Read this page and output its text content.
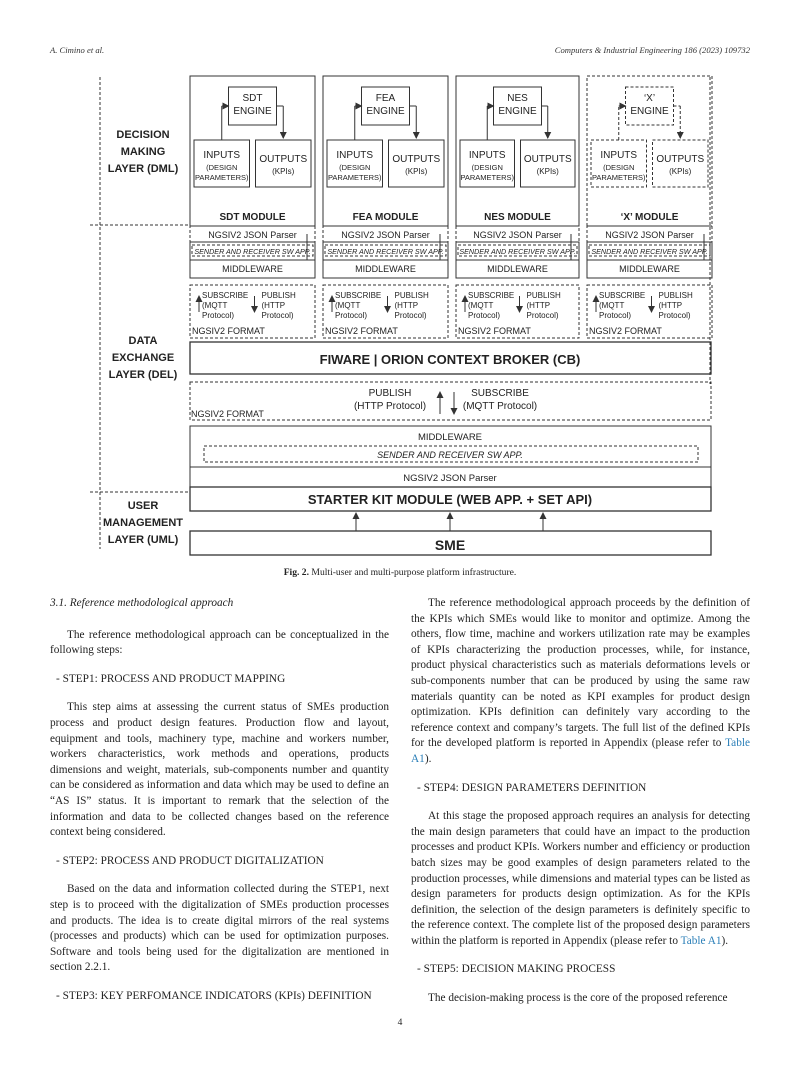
A. Cimino et al.	Computers & Industrial Engineering 186 (2023) 109732
DECISION
MAKING
LAYER (DML)
DATA
EXCHANGE
LAYER (DEL)
USER
MANAGEMENT
LAYER (UML)
SDT
ENGINE
INPUTS
(DESIGN
PARAMETERS)
OUTPUTS
(KPIs)
SDT MODULE
NGSIV2 JSON Parser
SENDER AND RECEIVER SW APP.
MIDDLEWARE
SUBSCRIBE
(MQTT
Protocol)
PUBLISH
(HTTP
Protocol)
NGSIV2 FORMAT
FEA
ENGINE
INPUTS
(DESIGN
PARAMETERS)
OUTPUTS
(KPIs)
FEA MODULE
NGSIV2 JSON Parser
SENDER AND RECEIVER SW APP.
MIDDLEWARE
SUBSCRIBE
(MQTT
Protocol)
PUBLISH
(HTTP
Protocol)
NGSIV2 FORMAT
NES
ENGINE
INPUTS
(DESIGN
PARAMETERS)
OUTPUTS
(KPIs)
NES MODULE
NGSIV2 JSON Parser
SENDER AND RECEIVER SW APP.
MIDDLEWARE
SUBSCRIBE
(MQTT
Protocol)
PUBLISH
(HTTP
Protocol)
NGSIV2 FORMAT
‘X’
ENGINE
INPUTS
(DESIGN
PARAMETERS)
OUTPUTS
(KPIs)
‘X’ MODULE
NGSIV2 JSON Parser
SENDER AND RECEIVER SW APP.
MIDDLEWARE
SUBSCRIBE
(MQTT
Protocol)
PUBLISH
(HTTP
Protocol)
NGSIV2 FORMAT
FIWARE | ORION CONTEXT BROKER (CB)
PUBLISH
(HTTP Protocol)
SUBSCRIBE
(MQTT Protocol)
NGSIV2 FORMAT
MIDDLEWARE
SENDER AND RECEIVER SW APP.
NGSIV2 JSON Parser
STARTER KIT MODULE (WEB APP. + SET API)
SME
Fig. 2. Multi-user and multi-purpose platform infrastructure.

3.1. Reference methodological approach

The reference methodological approach can be conceptualized in the following steps:

- STEP1: PROCESS AND PRODUCT MAPPING

This step aims at assessing the current status of SMEs production process and product design features. Production flow and layout, equipment and tools, machinery type, machine and workers number, workers characteristics, work methods and operations, products dimensions and weight, materials, sub-components number and quantity can be considered as information and data which may be used to define an “AS IS” status. It is important to remark that the selection of the information and data to be collected changes based on the reference context being considered.

- STEP2: PROCESS AND PRODUCT DIGITALIZATION

Based on the data and information collected during the STEP1, next step is to proceed with the digitalization of SMEs production processes and products. The idea is to create digital mirrors of the real systems (processes and products) which can be used for optimization purposes. Software and tools being used for the digitalization are mentioned in section 2.2.1.

- STEP3: KEY PERFOMANCE INDICATORS (KPIs) DEFINITION

The reference methodological approach proceeds by the definition of the KPIs which SMEs would like to monitor and optimize. Among the others, flow time, machine and workers utilization rate may be examples of KPIs characterizing the production processes, while, for instance, product physical characteristics such as materials deformations levels or sub-components number that can be produced by using the same raw materials quantity can be noted as KPI examples for product design optimization. KPIs definition can definitely vary according to the reference context and company’s targets. The full list of the defined KPIs for the developed platform is reported in Appendix (please refer to Table A1).

- STEP4: DESIGN PARAMETERS DEFINITION

At this stage the proposed approach requires an analysis for detecting the main design parameters that could have an impact to the production processes and product KPIs. Workers number and efficiency or production batch sizes may be good examples of design parameters related to the production processes, while dimensions and material types can be listed as design parameters for products design optimization. As for the KPIs definition, the selection of the design parameters is definitely specific to the reference context. The complete list of the proposed design parameters within the platform is reported in Appendix (please refer to Table A1).

- STEP5: DECISION MAKING PROCESS

The decision-making process is the core of the proposed reference

4
